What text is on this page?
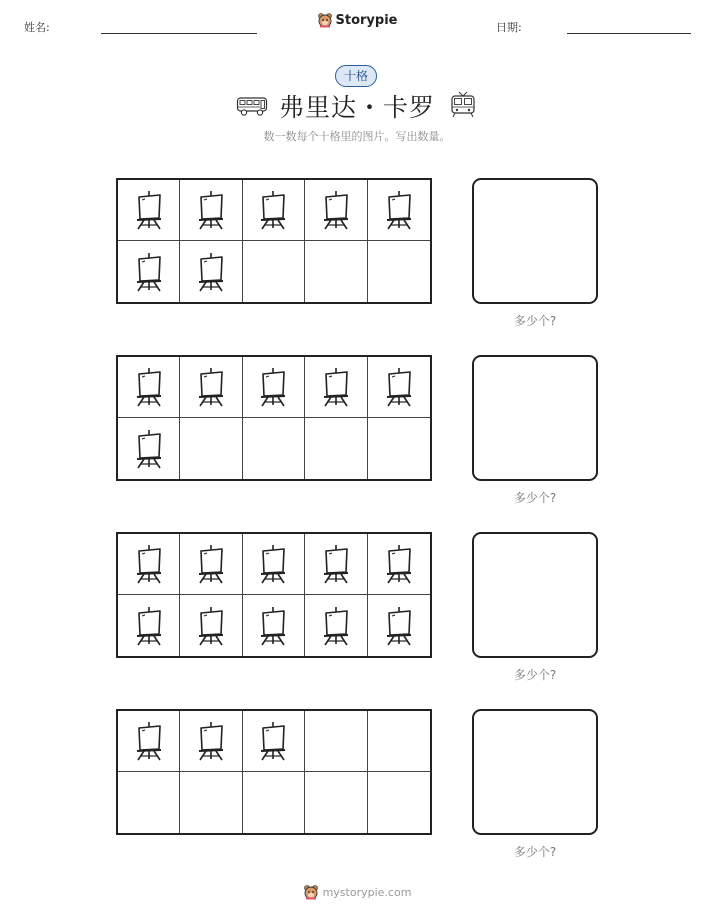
姓名:	Storypie	日期:
十格
弗里达・卡罗
数一数每个十格里的图片。写出数量。
多少个?
多少个?
多少个?
多少个?
mystorypie.com
